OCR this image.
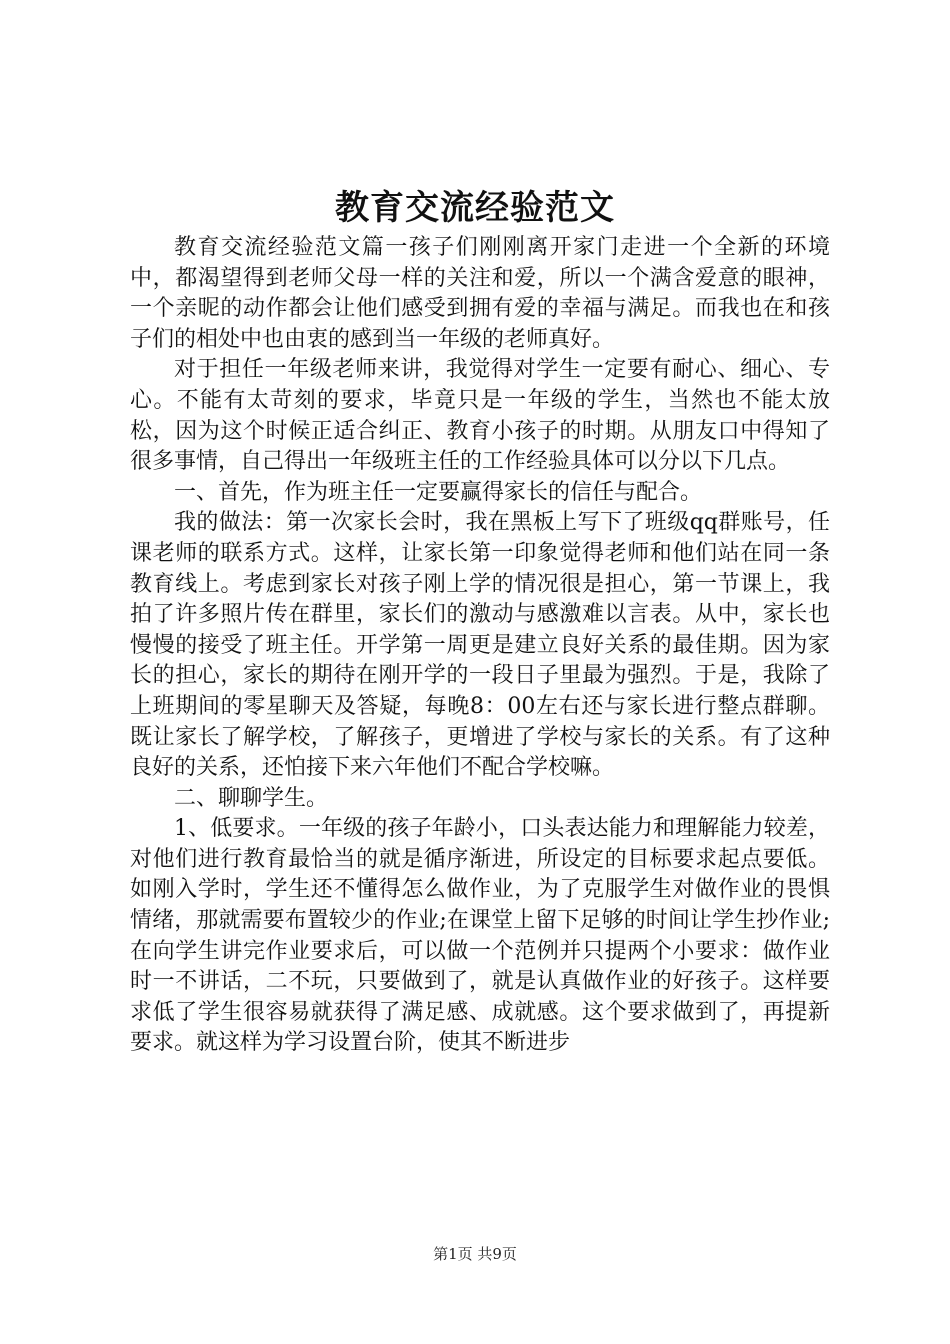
教育交流经验范文

教育交流经验范文篇一孩子们刚刚离开家门走进一个全新的环境中，都渴望得到老师父母一样的关注和爱，所以一个满含爱意的眼神，一个亲昵的动作都会让他们感受到拥有爱的幸福与满足。而我也在和孩子们的相处中也由衷的感到当一年级的老师真好。

对于担任一年级老师来讲，我觉得对学生一定要有耐心、细心、专心。不能有太苛刻的要求，毕竟只是一年级的学生，当然也不能太放松，因为这个时候正适合纠正、教育小孩子的时期。从朋友口中得知了很多事情，自己得出一年级班主任的工作经验具体可以分以下几点。

一、首先，作为班主任一定要赢得家长的信任与配合。

我的做法：第一次家长会时，我在黑板上写下了班级qq群账号，任课老师的联系方式。这样，让家长第一印象觉得老师和他们站在同一条教育线上。考虑到家长对孩子刚上学的情况很是担心，第一节课上，我拍了许多照片传在群里，家长们的激动与感激难以言表。从中，家长也慢慢的接受了班主任。开学第一周更是建立良好关系的最佳期。因为家长的担心，家长的期待在刚开学的一段日子里最为强烈。于是，我除了上班期间的零星聊天及答疑，每晚8：00左右还与家长进行整点群聊。既让家长了解学校，了解孩子，更增进了学校与家长的关系。有了这种良好的关系，还怕接下来六年他们不配合学校嘛。

二、聊聊学生。

1、低要求。一年级的孩子年龄小，口头表达能力和理解能力较差，对他们进行教育最恰当的就是循序渐进，所设定的目标要求起点要低。如刚入学时，学生还不懂得怎么做作业，为了克服学生对做作业的畏惧情绪，那就需要布置较少的作业;在课堂上留下足够的时间让学生抄作业;在向学生讲完作业要求后，可以做一个范例并只提两个小要求：做作业时一不讲话，二不玩，只要做到了，就是认真做作业的好孩子。这样要求低了学生很容易就获得了满足感、成就感。这个要求做到了，再提新要求。就这样为学习设置台阶，使其不断进步

第1页 共9页
